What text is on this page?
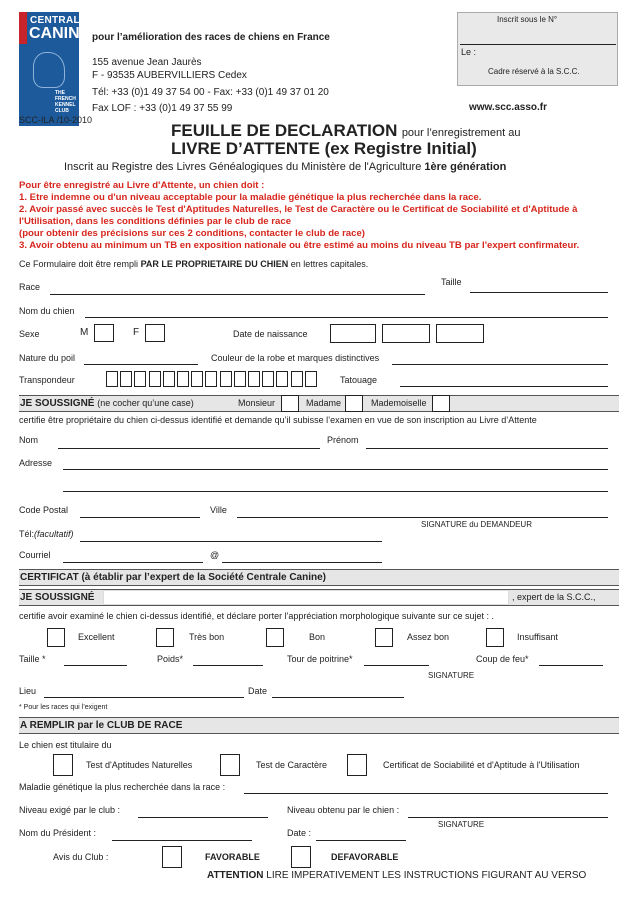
CENTRALE
CANINE
THE
FRENCH
KENNEL
CLUB
pour l’amélioration des races de chiens en France
155 avenue Jean Jaurès
F - 93535 AUBERVILLIERS Cedex
Tél: +33 (0)1 49 37 54 00 - Fax: +33 (0)1 49 37 01 20
Fax LOF : +33 (0)1 49 37 55 99
SCC-ILA /10-2010
www.scc.asso.fr
Inscrit sous le N°
Le :
Cadre réservé à la S.C.C.
FEUILLE DE DECLARATION pour l’enregistrement au
LIVRE D’ATTENTE (ex Registre Initial)
Inscrit au Registre des Livres Généalogiques du Ministère de l'Agriculture 1ère génération
Pour être enregistré au Livre d'Attente, un chien doit :
1. Etre indemne ou d'un niveau acceptable pour la maladie génétique la plus recherchée dans la race.
2. Avoir passé avec succès le Test d'Aptitudes Naturelles, le Test de Caractère ou le Certificat de Sociabilité et d'Aptitude à
l'Utilisation, dans les conditions définies par le club de race
(pour obtenir des précisions sur ces 2 conditions, contacter le club de race)
3. Avoir obtenu au minimum un TB en exposition nationale ou être estimé au moins du niveau TB par l'expert confirmateur.
Ce Formulaire doit être rempli PAR LE PROPRIETAIRE DU CHIEN en lettres capitales.
Race	Taille
Nom du chien
Sexe	M	F	Date de naissance
Nature du poil	Couleur de la robe et marques distinctives
Transpondeur	Tatouage
JE SOUSSIGNÉ (ne cocher qu’une case)	Monsieur	Madame	Mademoiselle
certifie être propriétaire du chien ci-dessus identifié et demande qu’il subisse l’examen en vue de son inscription au Livre d’Attente
Nom	Prénom
Adresse
Code Postal	Ville
SIGNATURE du DEMANDEUR
Tél:(facultatif)
Courriel	@
CERTIFICAT (à établir par l’expert de la Société Centrale Canine)
JE SOUSSIGNÉ	, expert de la S.C.C.,
certifie avoir examiné le chien ci-dessus identifié, et déclare porter l'appréciation morphologique suivante sur ce sujet : .
Excellent	Très bon	Bon	Assez bon	Insuffisant
Taille *	Poids*	Tour de poitrine*	Coup de feu*
SIGNATURE
Lieu	Date
* Pour les races qui l’exigent
A REMPLIR par le CLUB DE RACE
Le chien est titulaire du
Test d'Aptitudes Naturelles	Test de Caractère	Certificat de Sociabilité et d'Aptitude à l'Utilisation
Maladie génétique la plus recherchée dans la race :
Niveau exigé par le club :	Niveau obtenu par le chien :
SIGNATURE
Nom du Président :	Date :
Avis du Club :	FAVORABLE	DEFAVORABLE
ATTENTION LIRE IMPERATIVEMENT LES INSTRUCTIONS FIGURANT AU VERSO
